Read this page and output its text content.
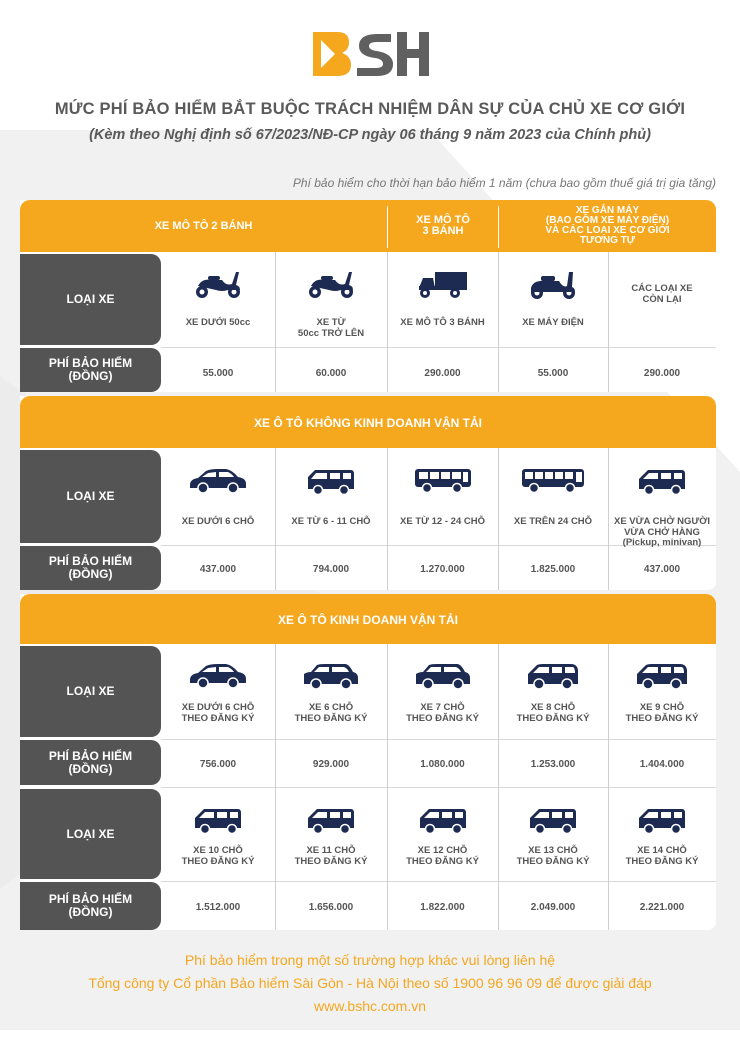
MỨC PHÍ BẢO HIỂM BẮT BUỘC TRÁCH NHIỆM DÂN SỰ CỦA CHỦ XE CƠ GIỚI
(Kèm theo Nghị định số 67/2023/NĐ-CP ngày 06 tháng 9 năm 2023 của Chính phủ)
Phí bảo hiểm cho thời hạn bảo hiểm 1 năm (chưa bao gồm thuế giá trị gia tăng)
XE MÔ TÔ 2 BÁNH	XE MÔ TÔ
3 BÁNH
XE GẮN MÁY
(BAO GỒM XE MÁY ĐIỆN)
VÀ CÁC LOẠI XE CƠ GIỚI
TƯƠNG TỰ
LOẠI XE
PHÍ BẢO HIỂM
(ĐỒNG)
XE DƯỚI 50cc
55.000
XE TỪ
50cc TRỞ LÊN
60.000
XE MÔ TÔ 3 BÁNH
290.000
XE MÁY ĐIỆN
55.000
CÁC LOẠI XE
CÒN LẠI
290.000
XE Ô TÔ KHÔNG KINH DOANH VẬN TẢI
LOẠI XE
PHÍ BẢO HIỂM
(ĐỒNG)
XE DƯỚI 6 CHỖ
437.000
XE TỪ 6 - 11 CHỖ
794.000
XE TỪ 12 - 24 CHỖ
1.270.000
XE TRÊN 24 CHỖ
1.825.000
XE VỪA CHỞ NGƯỜI
VỪA CHỞ HÀNG
(Pickup, minivan)
437.000
XE Ô TÔ KINH DOANH VẬN TẢI
LOẠI XE
PHÍ BẢO HIỂM
(ĐỒNG)
LOẠI XE
PHÍ BẢO HIỂM
(ĐỒNG)
XE DƯỚI 6 CHỖ
THEO ĐĂNG KÝ
756.000
XE 6 CHỖ
THEO ĐĂNG KÝ
929.000
XE 7 CHỖ
THEO ĐĂNG KÝ
1.080.000
XE 8 CHỖ
THEO ĐĂNG KÝ
1.253.000
XE 9 CHỖ
THEO ĐĂNG KÝ
1.404.000
XE 10 CHỖ
THEO ĐĂNG KÝ
1.512.000
XE 11 CHỖ
THEO ĐĂNG KÝ
1.656.000
XE 12 CHỖ
THEO ĐĂNG KÝ
1.822.000
XE 13 CHỖ
THEO ĐĂNG KÝ
2.049.000
XE 14 CHỖ
THEO ĐĂNG KÝ
2.221.000
Phí bảo hiểm trong một số trường hợp khác vui lòng liên hệ
Tổng công ty Cổ phần Bảo hiểm Sài Gòn - Hà Nội theo số 1900 96 96 09 để được giải đáp
www.bshc.com.vn
